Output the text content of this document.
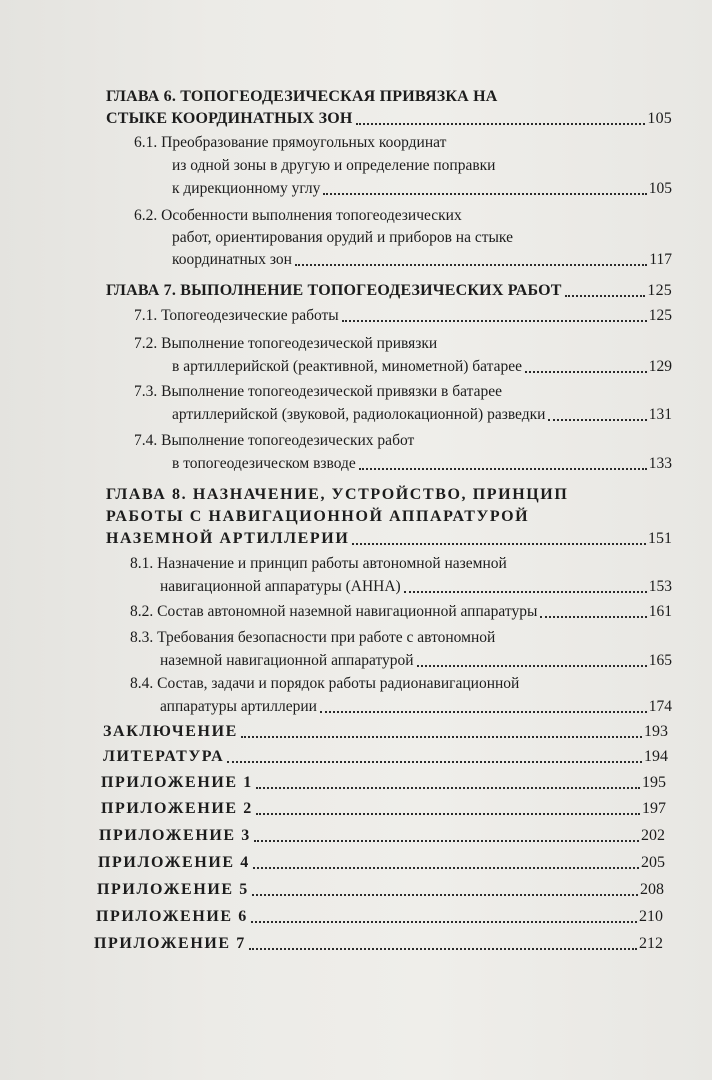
ГЛАВА 6. ТОПОГЕОДЕЗИЧЕСКАЯ ПРИВЯЗКА НА
СТЫКЕ КООРДИНАТНЫХ ЗОН	105
6.1. Преобразование прямоугольных координат
из одной зоны в другую и определение поправки
к дирекционному углу	105
6.2. Особенности выполнения топогеодезических
работ, ориентирования орудий и приборов на стыке
координатных зон	117
ГЛАВА 7. ВЫПОЛНЕНИЕ ТОПОГЕОДЕЗИЧЕСКИХ РАБОТ	125
7.1. Топогеодезические работы	125
7.2. Выполнение топогеодезической привязки
в артиллерийской (реактивной, минометной) батарее	129
7.3. Выполнение топогеодезической привязки в батарее
артиллерийской (звуковой, радиолокационной) разведки	131
7.4. Выполнение топогеодезических работ
в топогеодезическом взводе	133
ГЛАВА 8. НАЗНАЧЕНИЕ, УСТРОЙСТВО, ПРИНЦИП
РАБОТЫ С НАВИГАЦИОННОЙ АППАРАТУРОЙ
НАЗЕМНОЙ АРТИЛЛЕРИИ	151
8.1. Назначение и принцип работы автономной наземной
навигационной аппаратуры (АННА)	153
8.2. Состав автономной наземной навигационной аппаратуры	161
8.3. Требования безопасности при работе с автономной
наземной навигационной аппаратурой	165
8.4. Состав, задачи и порядок работы радионавигационной
аппаратуры артиллерии	174
ЗАКЛЮЧЕНИЕ	193
ЛИТЕРАТУРА	194
ПРИЛОЖЕНИЕ 1	195
ПРИЛОЖЕНИЕ 2	197
ПРИЛОЖЕНИЕ 3	202
ПРИЛОЖЕНИЕ 4	205
ПРИЛОЖЕНИЕ 5	208
ПРИЛОЖЕНИЕ 6	210
ПРИЛОЖЕНИЕ 7	212
